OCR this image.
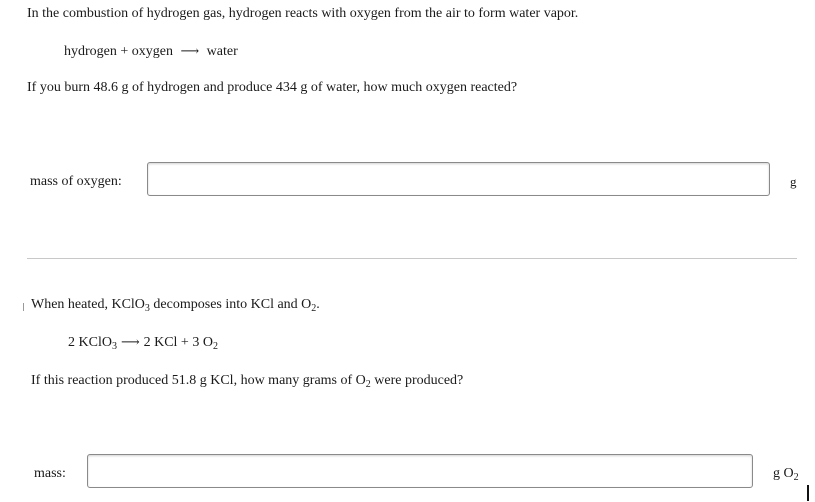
In the combustion of hydrogen gas, hydrogen reacts with oxygen from the air to form water vapor.
hydrogen + oxygen ⟶ water
If you burn 48.6 g of hydrogen and produce 434 g of water, how much oxygen reacted?
mass of oxygen:	g
When heated, KClO$_3$ decomposes into KCl and $O_2$.
2 KClO$_3$ ⟶ 2 KCl + 3 $O_2$
If this reaction produced 51.8 g KCl, how many grams of $O_2$ were produced?
mass:	g $O_2$
